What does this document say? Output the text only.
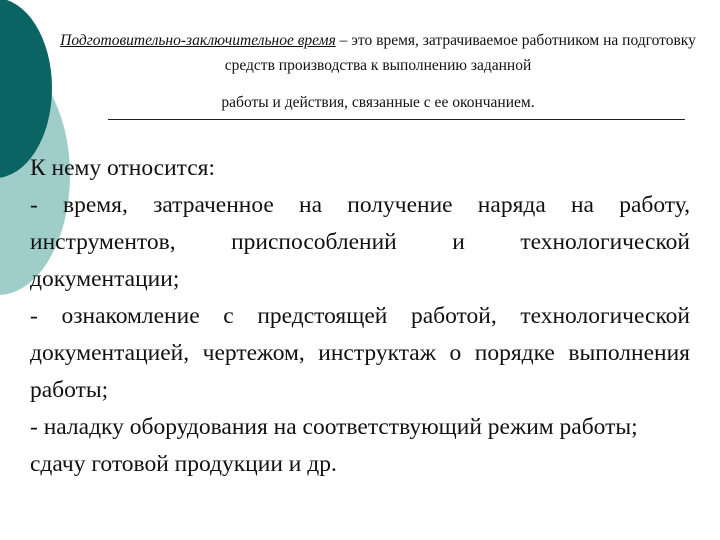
Подготовительно-заключительное время – это время, затрачиваемое работником на подготовку средств производства к выполнению заданной
работы и действия, связанные с ее окончанием.

К нему относится:

- время, затраченное на получение наряда на работу, инструментов, приспособлений и технологической документации;

- ознакомление с предстоящей работой, технологической документацией, чертежом, инструктаж о порядке выполнения работы;

- наладку оборудования на соответствующий режим работы; сдачу готовой продукции и др.
